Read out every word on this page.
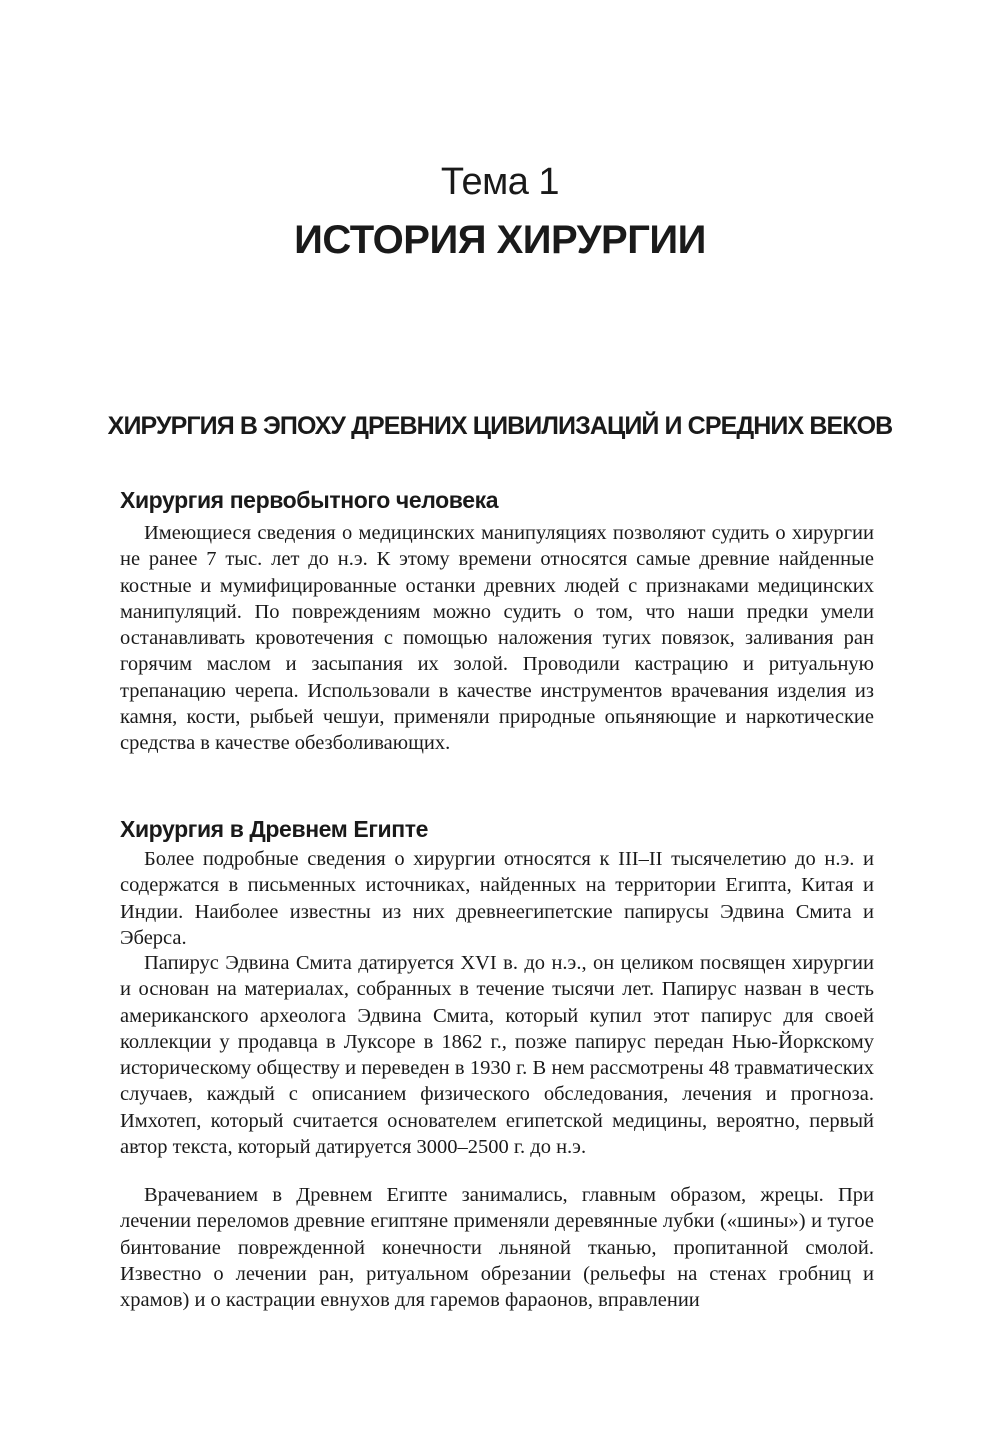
Тема 1
ИСТОРИЯ ХИРУРГИИ
ХИРУРГИЯ В ЭПОХУ ДРЕВНИХ ЦИВИЛИЗАЦИЙ И СРЕДНИХ ВЕКОВ
Хирургия первобытного человека

Имеющиеся сведения о медицинских манипуляциях позволяют судить о хирургии не ранее 7 тыс. лет до н.э. К этому времени относятся самые древние найденные костные и мумифицированные останки древних людей с признаками медицинских манипуляций. По повреждениям можно судить о том, что наши предки умели останавливать кровотечения с помощью наложения тугих повязок, заливания ран горячим маслом и засыпания их золой. Проводили кастрацию и ритуальную трепанацию черепа. Использовали в качестве инструментов врачевания изделия из камня, кости, рыбьей чешуи, применяли природные опьяняющие и наркотические средства в качестве обезболивающих.

Хирургия в Древнем Египте

Более подробные сведения о хирургии относятся к III–II тысячелетию до н.э. и содержатся в письменных источниках, найденных на территории Египта, Китая и Индии. Наиболее известны из них древнеегипетские папирусы Эдвина Смита и Эберса.

Папирус Эдвина Смита датируется XVI в. до н.э., он целиком посвящен хирургии и основан на материалах, собранных в течение тысячи лет. Папирус назван в честь американского археолога Эдвина Смита, который купил этот папирус для своей коллекции у продавца в Луксоре в 1862 г., позже папирус передан Нью-Йоркскому историческому обществу и переведен в 1930 г. В нем рассмотрены 48 травматических случаев, каждый с описанием физического обследования, лечения и прогноза. Имхотеп, который считается основателем египетской медицины, вероятно, первый автор текста, который датируется 3000–2500 г. до н.э.

Врачеванием в Древнем Египте занимались, главным образом, жрецы. При лечении переломов древние египтяне применяли деревянные лубки («шины») и тугое бинтование поврежденной конечности льняной тканью, пропитанной смолой. Известно о лечении ран, ритуальном обрезании (рельефы на стенах гробниц и храмов) и о кастрации евнухов для гаремов фараонов, вправлении
